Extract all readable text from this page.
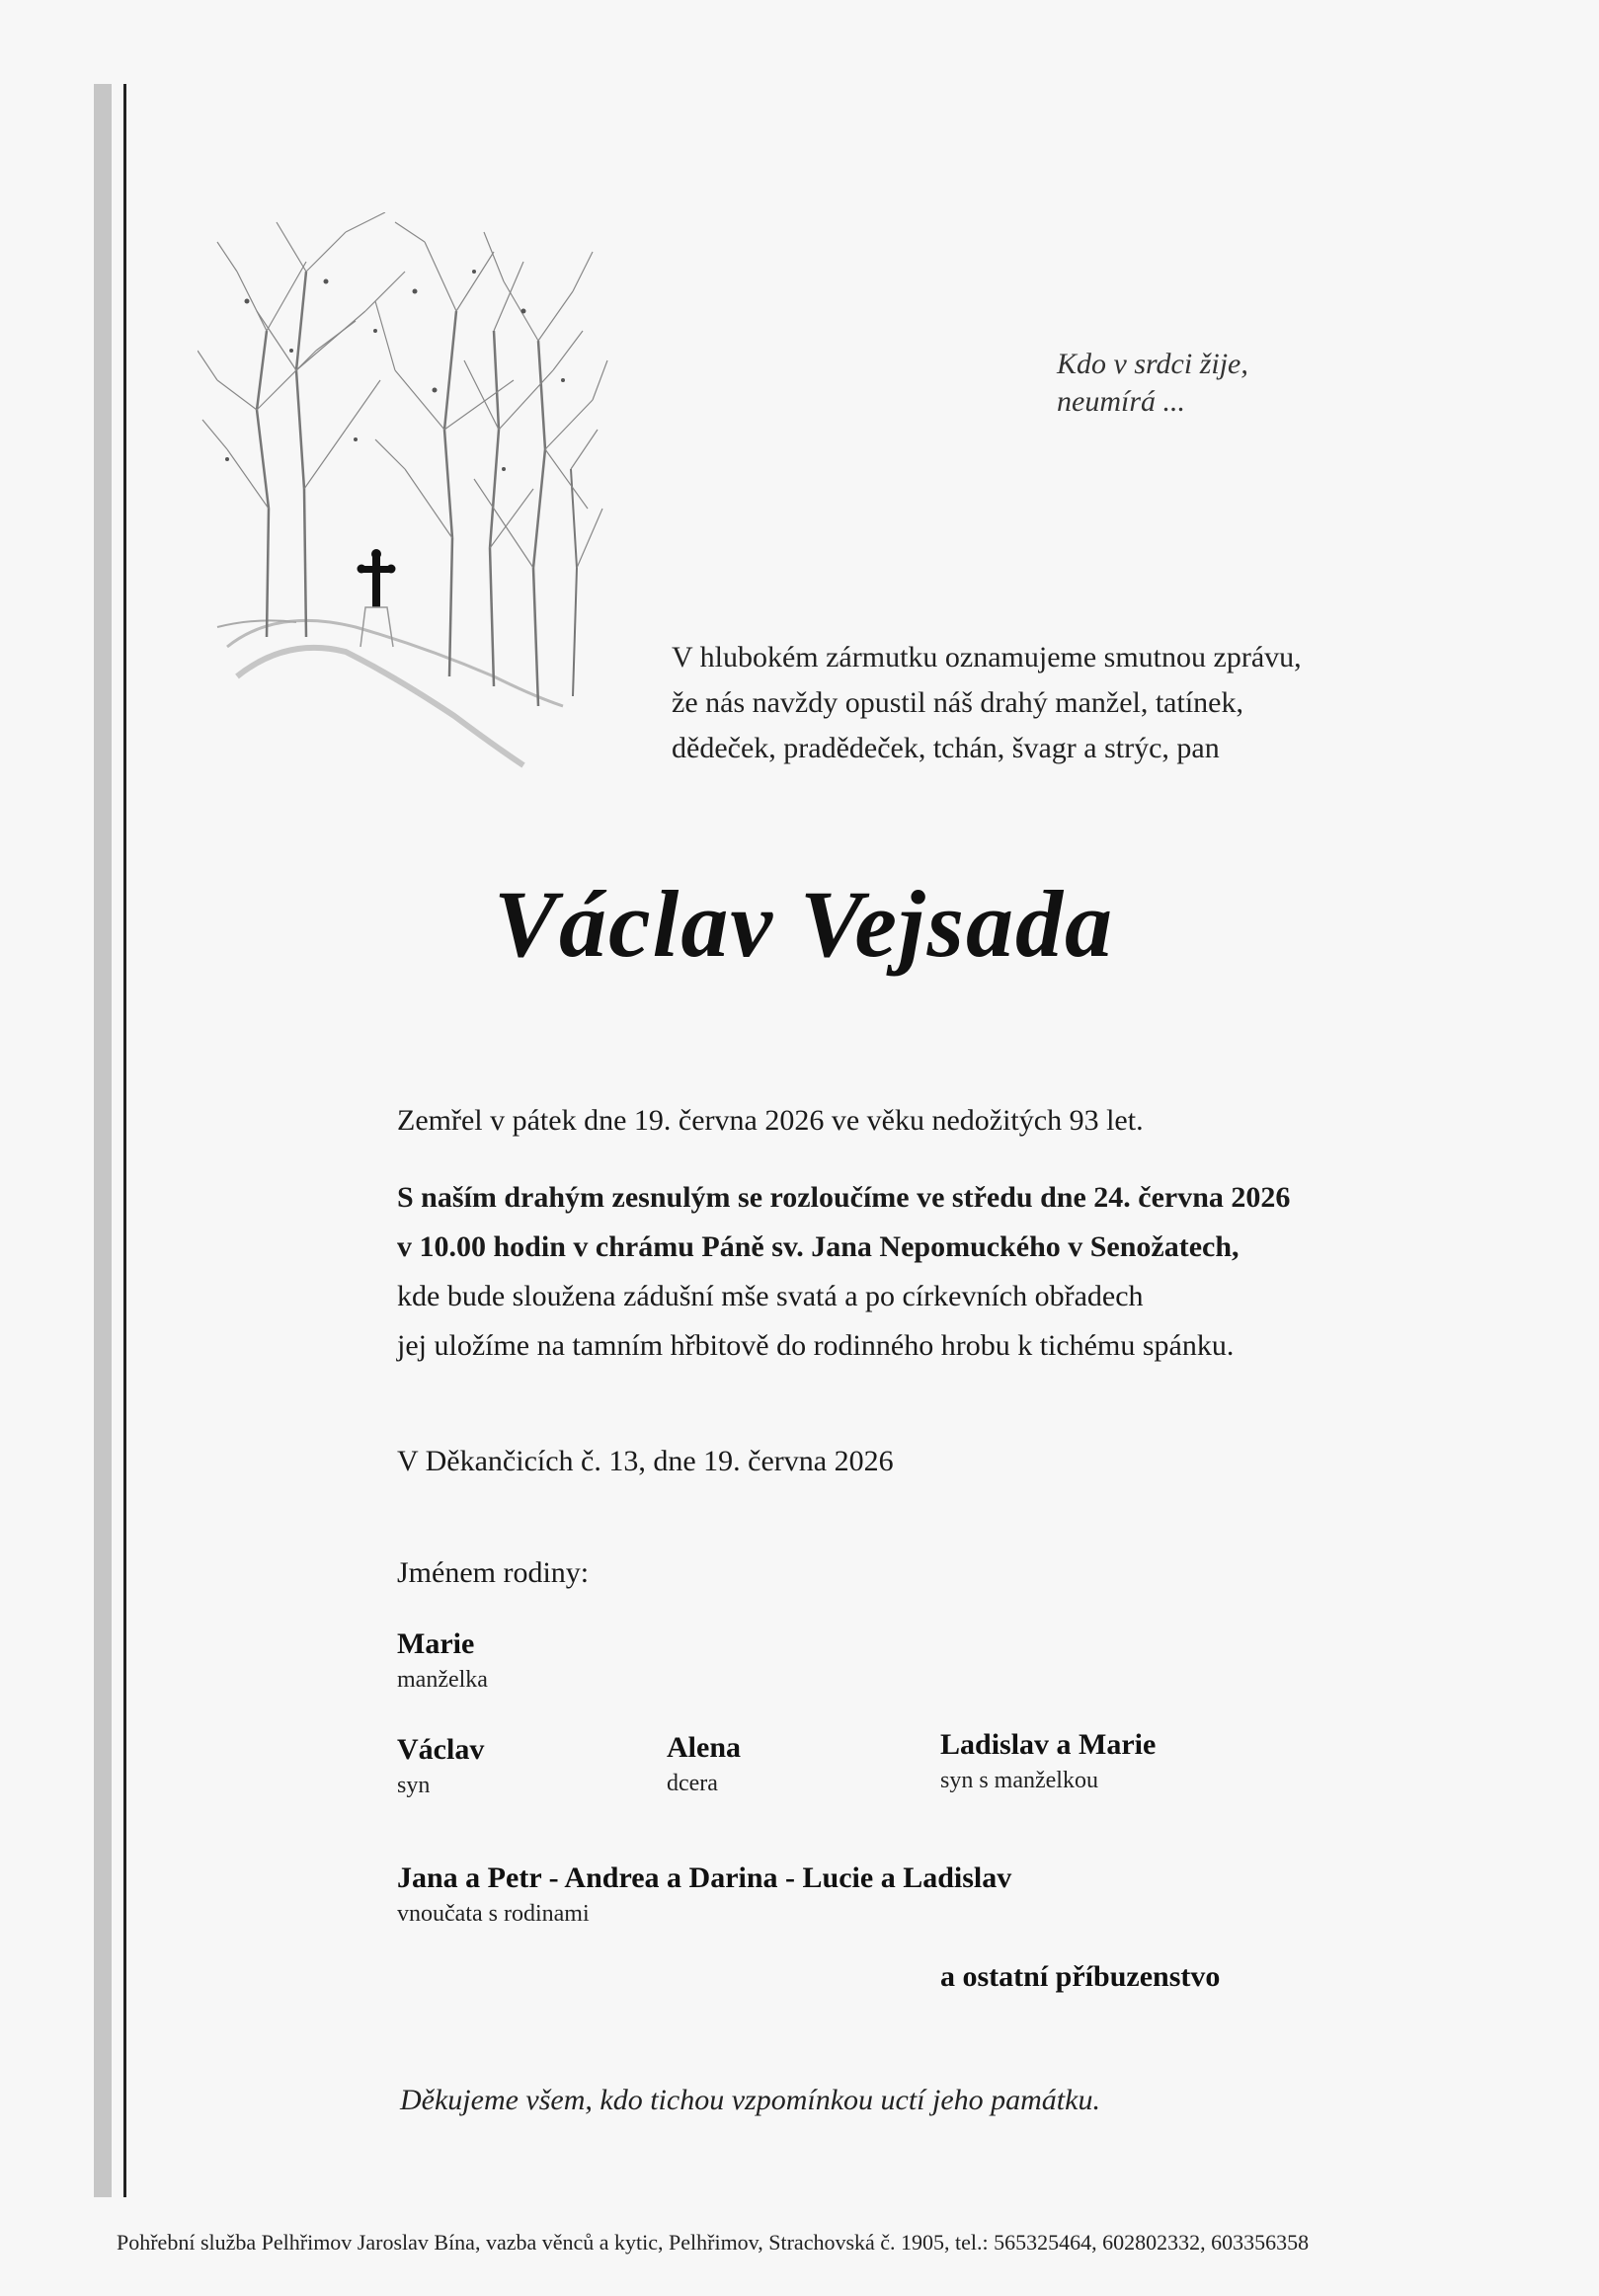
Kdo v srdci žije,
neumírá ...
V hlubokém zármutku oznamujeme smutnou zprávu,
že nás navždy opustil náš drahý manžel, tatínek,
dědeček, pradědeček, tchán, švagr a strýc, pan
Václav Vejsada
Zemřel v pátek dne 19. června 2026 ve věku nedožitých 93 let.
S naším drahým zesnulým se rozloučíme ve středu dne 24. června 2026
v 10.00 hodin v chrámu Páně sv. Jana Nepomuckého v Senožatech,
kde bude sloužena zádušní mše svatá a po církevních obřadech
jej uložíme na tamním hřbitově do rodinného hrobu k tichému spánku.
V Děkančicích č. 13, dne 19. června 2026
Jménem rodiny:
Marie
manželka
Václav
syn
Alena
dcera
Ladislav a Marie
syn s manželkou
Jana a Petr - Andrea a Darina - Lucie a Ladislav
vnoučata s rodinami
a ostatní příbuzenstvo
Děkujeme všem, kdo tichou vzpomínkou uctí jeho památku.
Pohřební služba Pelhřimov Jaroslav Bína, vazba věnců a kytic, Pelhřimov, Strachovská č. 1905, tel.: 565325464, 602802332, 603356358
